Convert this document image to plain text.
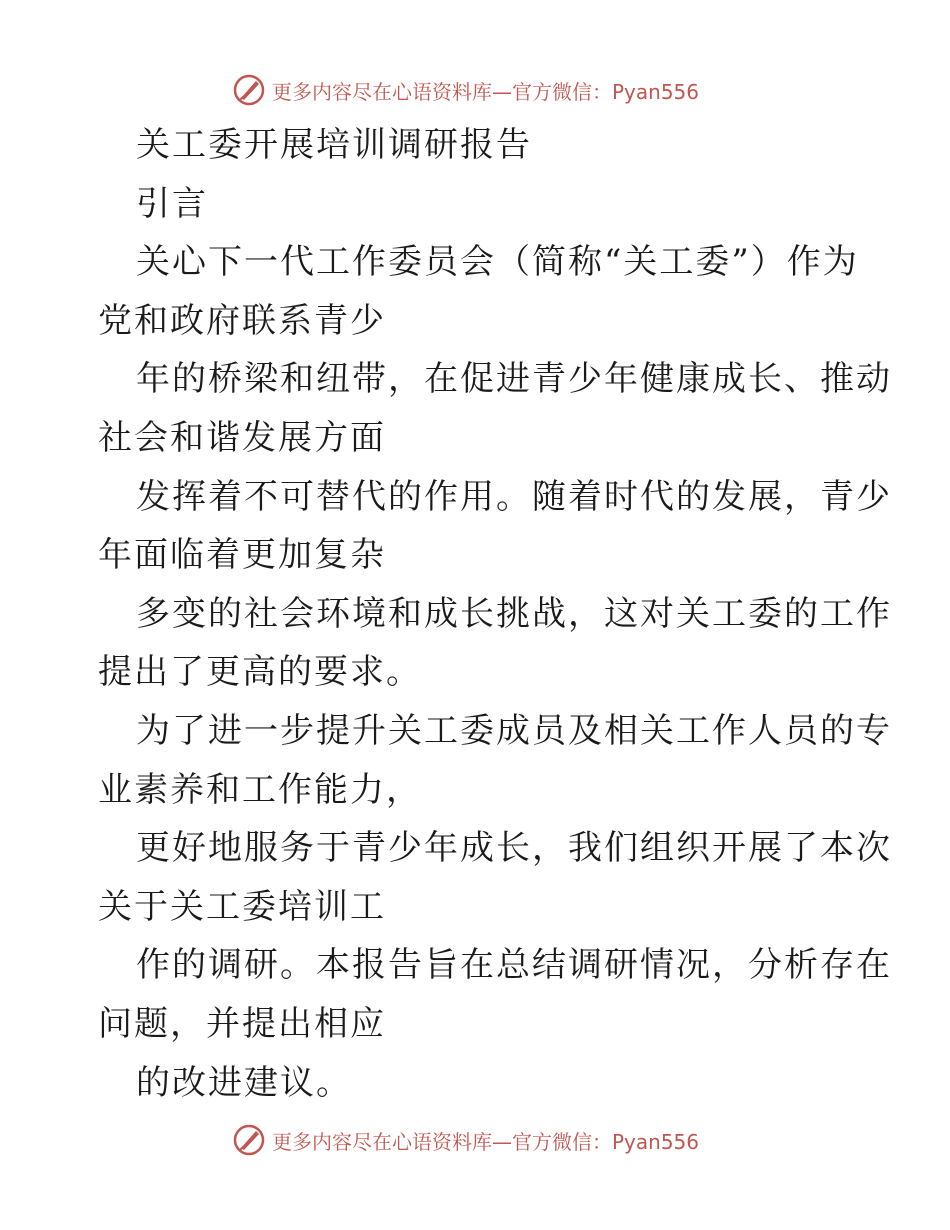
更多内容尽在心语资料库—官方微信：Pyan556
关工委开展培训调研报告
引言
关心下一代工作委员会（简称“关工委”）作为
党和政府联系青少
年的桥梁和纽带，在促进青少年健康成长、推动
社会和谐发展方面
发挥着不可替代的作用。随着时代的发展，青少
年面临着更加复杂
多变的社会环境和成长挑战，这对关工委的工作
提出了更高的要求。
为了进一步提升关工委成员及相关工作人员的专
业素养和工作能力，
更好地服务于青少年成长，我们组织开展了本次
关于关工委培训工
作的调研。本报告旨在总结调研情况，分析存在
问题，并提出相应
的改进建议。
更多内容尽在心语资料库—官方微信：Pyan556
